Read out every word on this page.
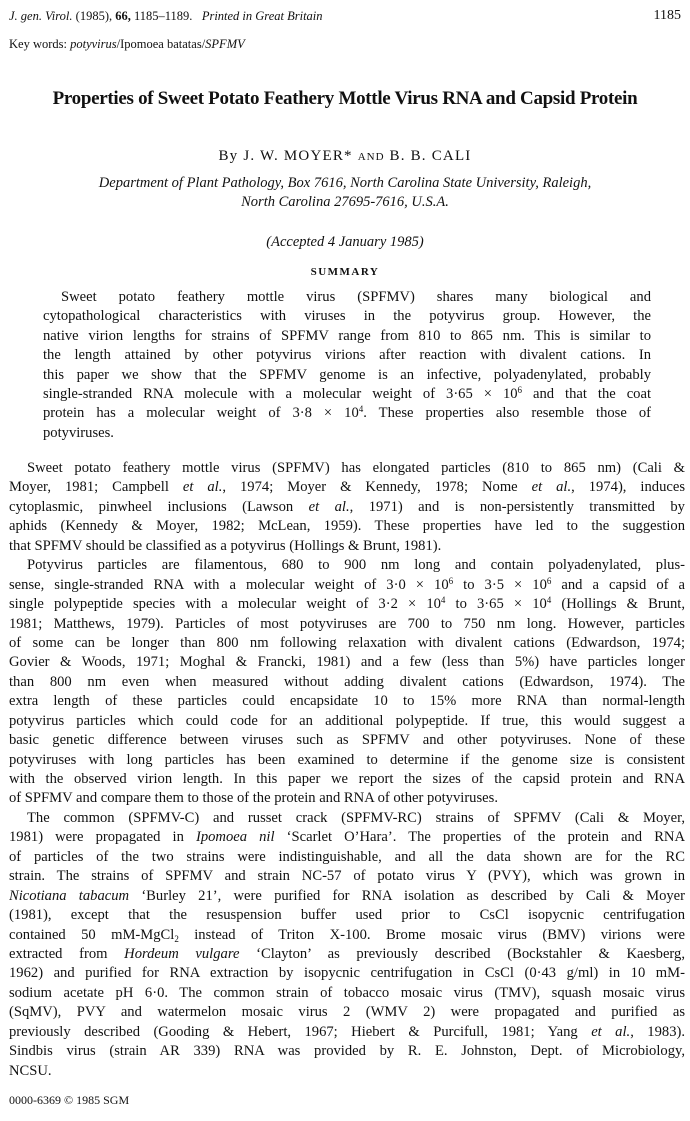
J. gen. Virol. (1985), 66, 1185–1189. Printed in Great Britain	1185
Key words: potyvirus/Ipomoea batatas/SPFMV
Properties of Sweet Potato Feathery Mottle Virus RNA and Capsid Protein
By J. W. MOYER* AND B. B. CALI
Department of Plant Pathology, Box 7616, North Carolina State University, Raleigh,
North Carolina 27695-7616, U.S.A.
(Accepted 4 January 1985)
SUMMARY
Sweet potato feathery mottle virus (SPFMV) shares many biological and
cytopathological characteristics with viruses in the potyvirus group. However, the
native virion lengths for strains of SPFMV range from 810 to 865 nm. This is similar to
the length attained by other potyvirus virions after reaction with divalent cations. In
this paper we show that the SPFMV genome is an infective, polyadenylated, probably
single-stranded RNA molecule with a molecular weight of $3\cdot 65 \times 10^6$ and that the coat
protein has a molecular weight of $3\cdot 8 \times 10^4$. These properties also resemble those of
potyviruses.
Sweet potato feathery mottle virus (SPFMV) has elongated particles (810 to 865 nm) (Cali &
Moyer, 1981; Campbell et al., 1974; Moyer & Kennedy, 1978; Nome et al., 1974), induces
cytoplasmic, pinwheel inclusions (Lawson et al., 1971) and is non-persistently transmitted by
aphids (Kennedy & Moyer, 1982; McLean, 1959). These properties have led to the suggestion
that SPFMV should be classified as a potyvirus (Hollings & Brunt, 1981).
Potyvirus particles are filamentous, 680 to 900 nm long and contain polyadenylated, plus-
sense, single-stranded RNA with a molecular weight of $3\cdot 0 \times 10^6$ to $3\cdot 5 \times 10^6$ and a capsid of a
single polypeptide species with a molecular weight of $3\cdot 2 \times 10^4$ to $3\cdot 65 \times 10^4$ (Hollings & Brunt,
1981; Matthews, 1979). Particles of most potyviruses are 700 to 750 nm long. However, particles
of some can be longer than 800 nm following relaxation with divalent cations (Edwardson, 1974;
Govier & Woods, 1971; Moghal & Francki, 1981) and a few (less than 5%) have particles longer
than 800 nm even when measured without adding divalent cations (Edwardson, 1974). The
extra length of these particles could encapsidate 10 to 15% more RNA than normal-length
potyvirus particles which could code for an additional polypeptide. If true, this would suggest a
basic genetic difference between viruses such as SPFMV and other potyviruses. None of these
potyviruses with long particles has been examined to determine if the genome size is consistent
with the observed virion length. In this paper we report the sizes of the capsid protein and RNA
of SPFMV and compare them to those of the protein and RNA of other potyviruses.
The common (SPFMV-C) and russet crack (SPFMV-RC) strains of SPFMV (Cali & Moyer,
1981) were propagated in Ipomoea nil ‘Scarlet O’Hara’. The properties of the protein and RNA
of particles of the two strains were indistinguishable, and all the data shown are for the RC
strain. The strains of SPFMV and strain NC-57 of potato virus Y (PVY), which was grown in
Nicotiana tabacum ‘Burley 21’, were purified for RNA isolation as described by Cali & Moyer
(1981), except that the resuspension buffer used prior to CsCl isopycnic centrifugation
contained 50 mM-MgCl$_2$ instead of Triton X-100. Brome mosaic virus (BMV) virions were
extracted from Hordeum vulgare ‘Clayton’ as previously described (Bockstahler & Kaesberg,
1962) and purified for RNA extraction by isopycnic centrifugation in CsCl (0·43 g/ml) in 10 mM-
sodium acetate pH 6·0. The common strain of tobacco mosaic virus (TMV), squash mosaic virus
(SqMV), PVY and watermelon mosaic virus 2 (WMV 2) were propagated and purified as
previously described (Gooding & Hebert, 1967; Hiebert & Purcifull, 1981; Yang et al., 1983).
Sindbis virus (strain AR 339) RNA was provided by R. E. Johnston, Dept. of Microbiology,
NCSU.
0000-6369 © 1985 SGM
